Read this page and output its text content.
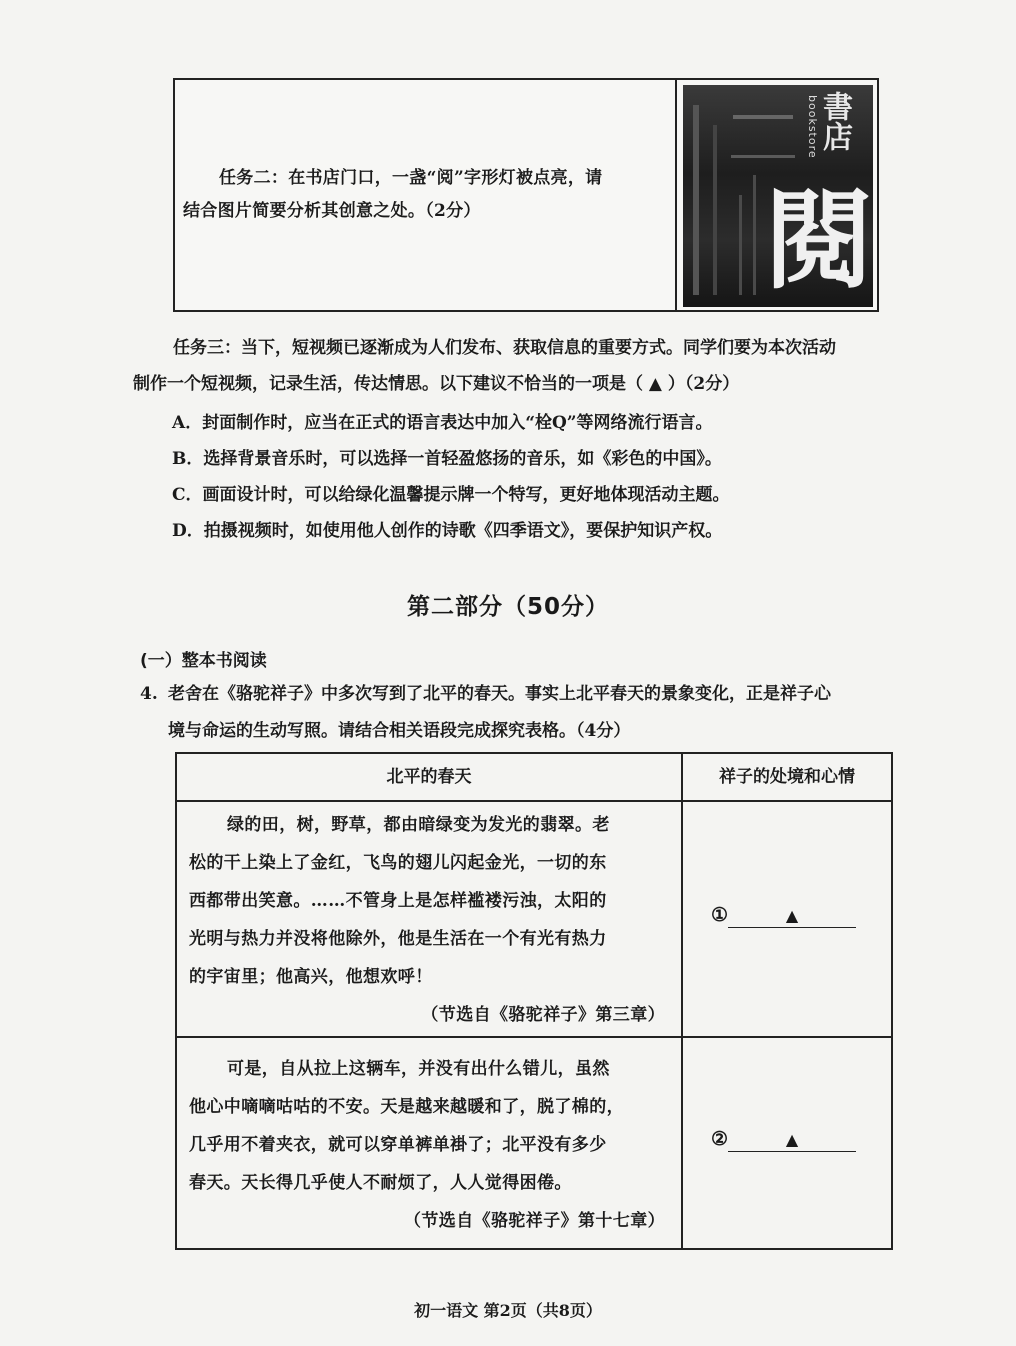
任务二：在书店门口，一盏“阅”字形灯被点亮，请
结合图片简要分析其创意之处。（2分）
bookstore
書店
閱
任务三：当下，短视频已逐渐成为人们发布、获取信息的重要方式。同学们要为本次活动
制作一个短视频，记录生活，传达情思。以下建议不恰当的一项是（ ▲ ）（2分）
A．封面制作时，应当在正式的语言表达中加入“栓Q”等网络流行语言。
B．选择背景音乐时，可以选择一首轻盈悠扬的音乐，如《彩色的中国》。
C．画面设计时，可以给绿化温馨提示牌一个特写，更好地体现活动主题。
D．拍摄视频时，如使用他人创作的诗歌《四季语文》，要保护知识产权。
第二部分（50分）
(一）整本书阅读
4. 老舍在《骆驼祥子》中多次写到了北平的春天。事实上北平春天的景象变化，正是祥子心
境与命运的生动写照。请结合相关语段完成探究表格。（4分）
北平的春天	祥子的处境和心情
绿的田，树，野草，都由暗绿变为发光的翡翠。老
松的干上染上了金红，飞鸟的翅儿闪起金光，一切的东
西都带出笑意。……不管身上是怎样褴褛污浊，太阳的
光明与热力并没将他除外，他是生活在一个有光有热力
的宇宙里；他高兴，他想欢呼！
（节选自《骆驼祥子》第三章）
①	▲
可是，自从拉上这辆车，并没有出什么错儿，虽然
他心中嘀嘀咕咕的不安。天是越来越暖和了，脱了棉的，
几乎用不着夹衣，就可以穿单裤单褂了；北平没有多少
春天。天长得几乎使人不耐烦了，人人觉得困倦。
（节选自《骆驼祥子》第十七章）
②	▲
初一语文 第2页（共8页）
